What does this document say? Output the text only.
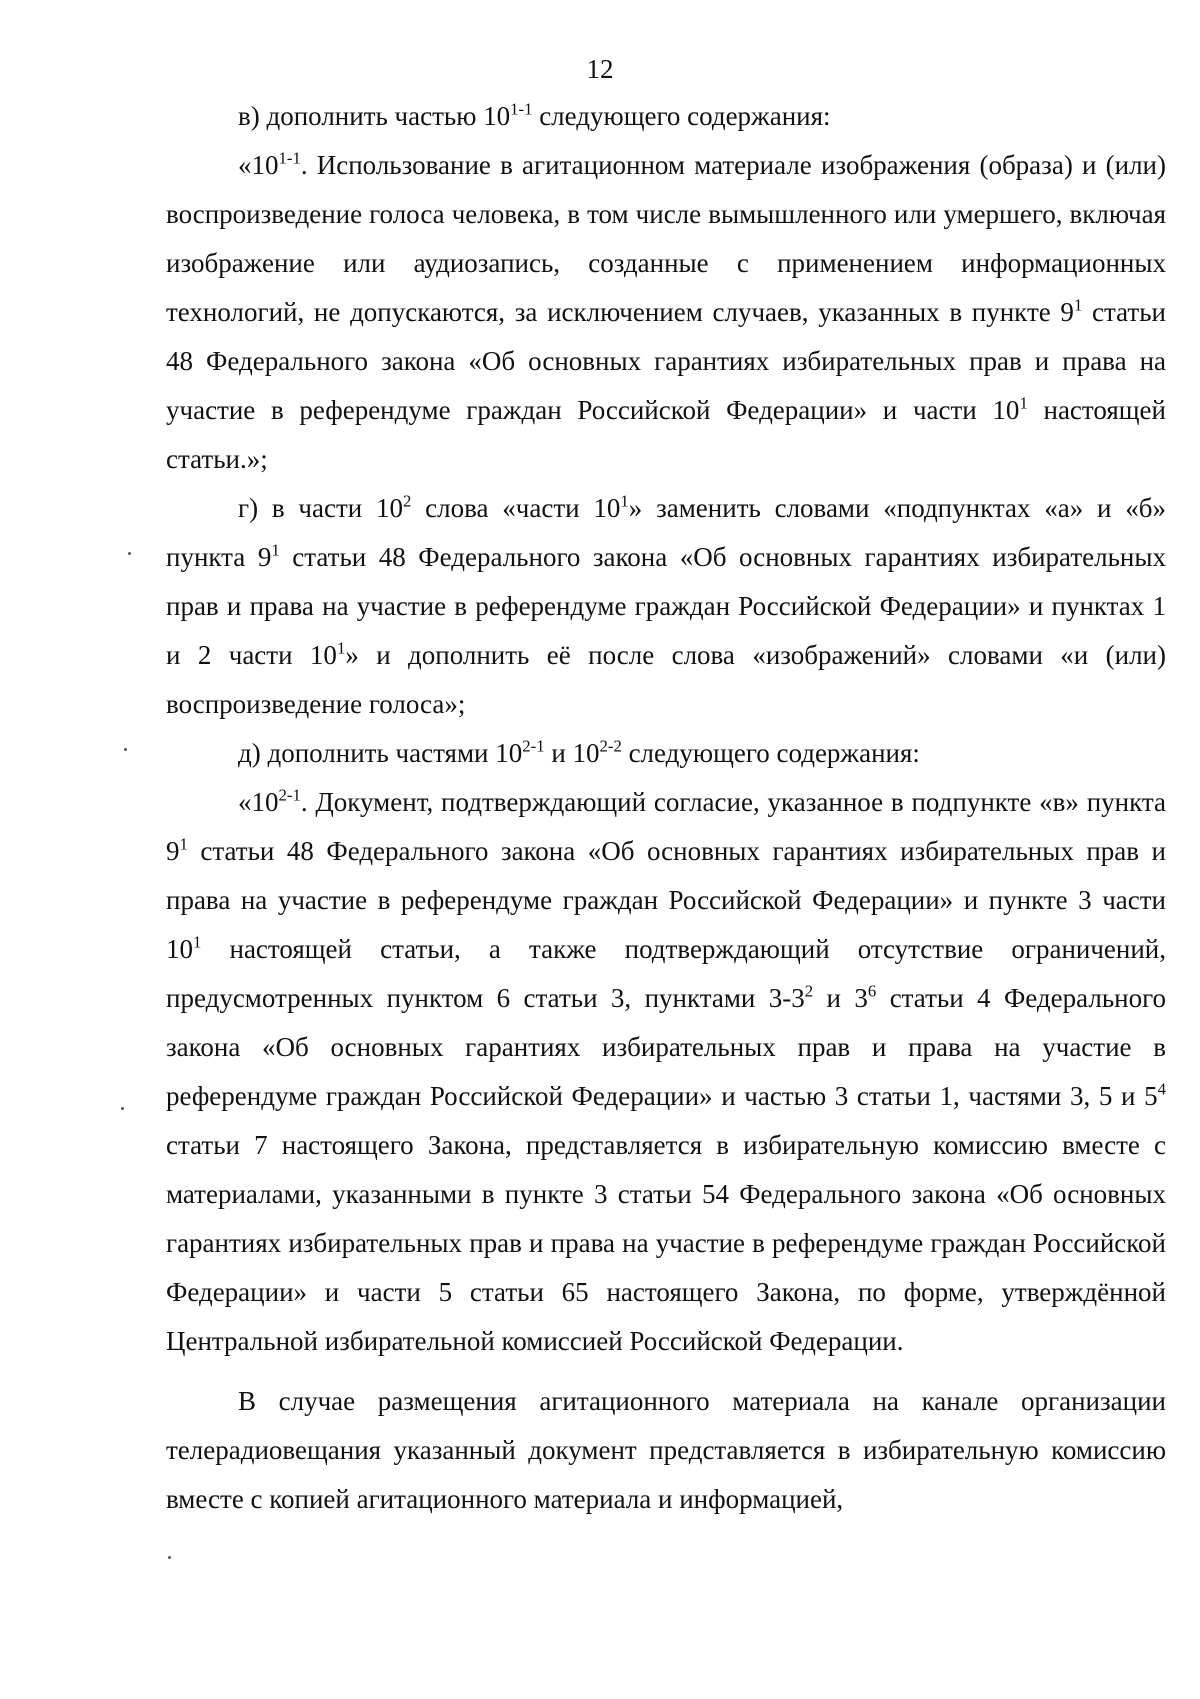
12

в) дополнить частью 10$^{1-1}$ следующего содержания:

«10$^{1-1}$. Использование в агитационном материале изображения (образа) и (или) воспроизведение голоса человека, в том числе вымышленного или умершего, включая изображение или аудиозапись, созданные с применением информационных технологий, не допускаются, за исключением случаев, указанных в пункте $9^1$ статьи 48 Федерального закона «Об основных гарантиях избирательных прав и права на участие в референдуме граждан Российской Федерации» и части $10^1$ настоящей статьи.»;

г) в части $10^2$ слова «части $10^1$» заменить словами «подпунктах «а» и «б» пункта $9^1$ статьи 48 Федерального закона «Об основных гарантиях избирательных прав и права на участие в референдуме граждан Российской Федерации» и пунктах 1 и 2 части $10^1$» и дополнить её после слова «изображений» словами «и (или) воспроизведение голоса»;

д) дополнить частями 10$^{2-1}$ и 10$^{2-2}$ следующего содержания:

«10$^{2-1}$. Документ, подтверждающий согласие, указанное в подпункте «в» пункта $9^1$ статьи 48 Федерального закона «Об основных гарантиях избирательных прав и права на участие в референдуме граждан Российской Федерации» и пункте 3 части $10^1$ настоящей статьи, а также подтверждающий отсутствие ограничений, предусмотренных пунктом 6 статьи 3, пунктами $3-3^2$ и $3^6$ статьи 4 Федерального закона «Об основных гарантиях избирательных прав и права на участие в референдуме граждан Российской Федерации» и частью 3 статьи 1, частями 3, 5 и $5^4$ статьи 7 настоящего Закона, представляется в избирательную комиссию вместе с материалами, указанными в пункте 3 статьи 54 Федерального закона «Об основных гарантиях избирательных прав и права на участие в референдуме граждан Российской Федерации» и части 5 статьи 65 настоящего Закона, по форме, утверждённой Центральной избирательной комиссией Российской Федерации.

В случае размещения агитационного материала на канале организации телерадиовещания указанный документ представляется в избирательную комиссию вместе с копией агитационного материала и информацией,
